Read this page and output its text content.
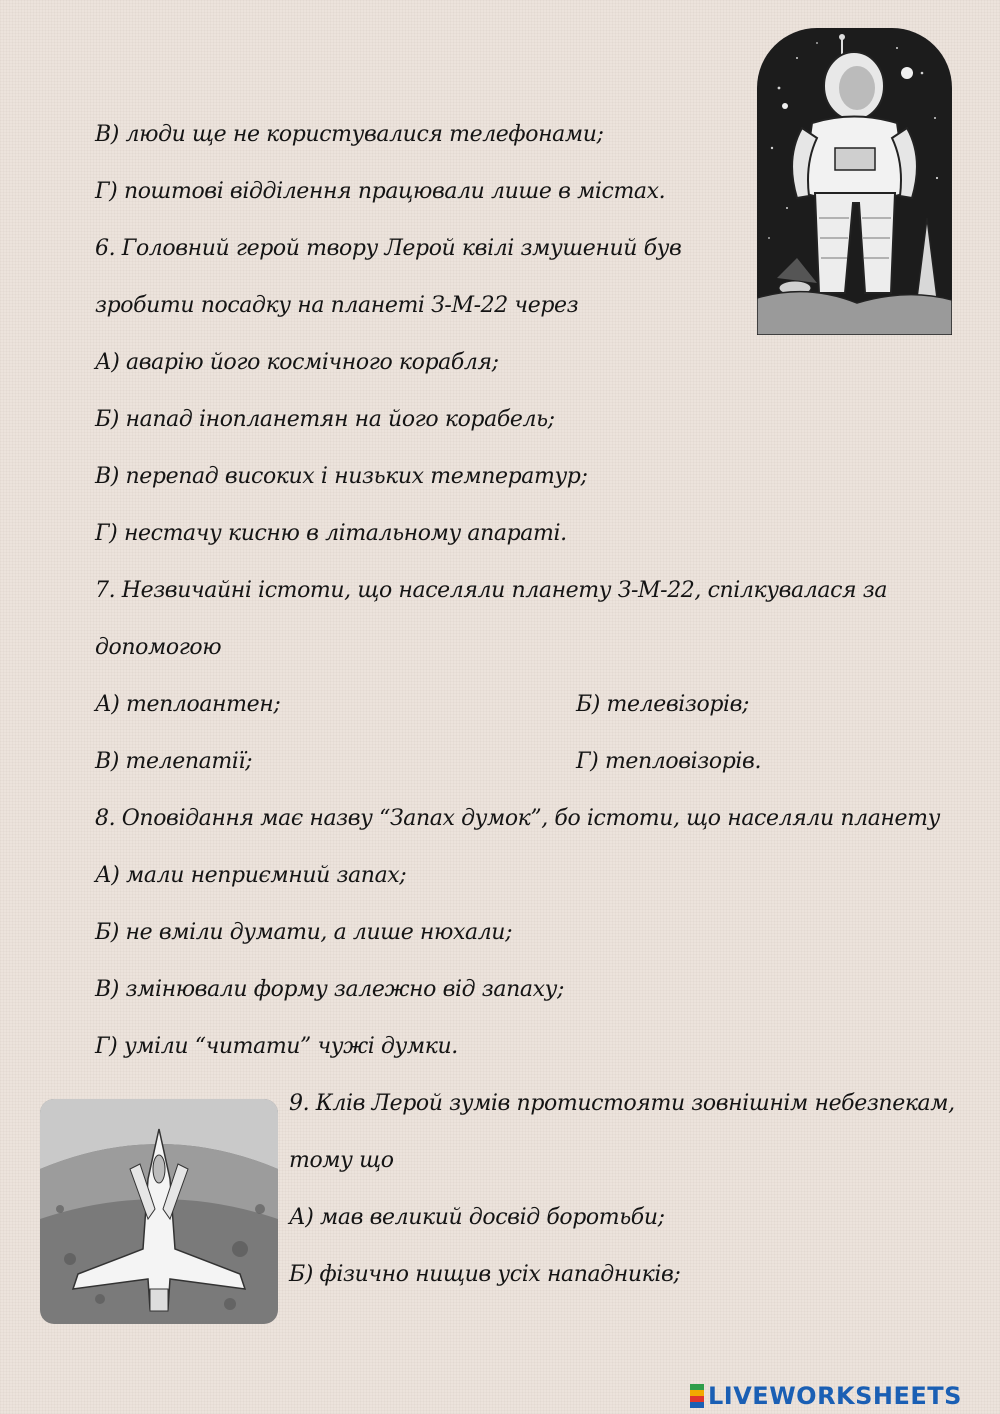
В) люди ще не користувалися телефонами;

Г) поштові відділення працювали лише в містах.

6. Головний герой твору Лерой квілі змушений був

зробити посадку на планеті З-М-22 через

А) аварію його космічного корабля;

Б) напад інопланетян на його корабель;

В) перепад високих і низьких температур;

Г) нестачу кисню в літальному апараті.

7. Незвичайні істоти, що населяли планету З-М-22, спілкувалася за

допомогою

А) теплоантен;	Б) телевізорів;

В) телепатії;	Г) тепловізорів.

8. Оповідання має назву “Запах думок”, бо істоти, що населяли планету

А) мали неприємний запах;

Б) не вміли думати, а лише нюхали;

В) змінювали форму залежно від запаху;

Г) уміли “читати” чужі думки.

9. Клів Лерой зумів протистояти зовнішнім небезпекам,

тому що

А) мав великий досвід боротьби;

Б) фізично нищив усіх нападників;

LIVEWORKSHEETS
